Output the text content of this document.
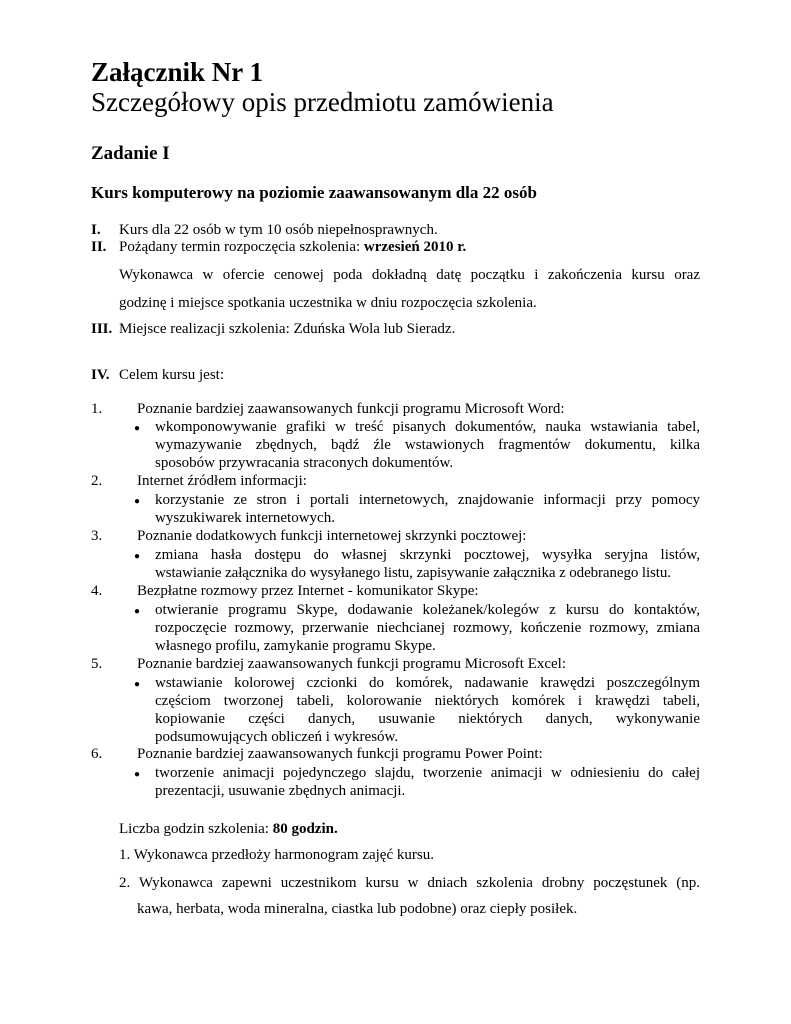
Załącznik Nr 1
Szczegółowy opis przedmiotu zamówienia
Zadanie I
Kurs komputerowy na poziomie zaawansowanym dla 22 osób
I. Kurs dla 22 osób w tym 10 osób niepełnosprawnych.
II. Pożądany termin rozpoczęcia szkolenia: wrzesień 2010 r.
Wykonawca w ofercie cenowej poda dokładną datę początku i zakończenia kursu oraz
godzinę i miejsce spotkania uczestnika w dniu rozpoczęcia szkolenia.
III. Miejsce realizacji szkolenia: Zduńska Wola lub Sieradz.
IV. Celem kursu jest:
1. Poznanie bardziej zaawansowanych funkcji programu Microsoft Word:
● wkomponowywanie grafiki w treść pisanych dokumentów, nauka wstawiania tabel,
wymazywanie zbędnych, bądź źle wstawionych fragmentów dokumentu, kilka
sposobów przywracania straconych dokumentów.
2. Internet źródłem informacji:
● korzystanie ze stron i portali internetowych, znajdowanie informacji przy pomocy
wyszukiwarek internetowych.
3. Poznanie dodatkowych funkcji internetowej skrzynki pocztowej:
● zmiana hasła dostępu do własnej skrzynki pocztowej, wysyłka seryjna listów,
wstawianie załącznika do wysyłanego listu, zapisywanie załącznika z odebranego listu.
4. Bezpłatne rozmowy przez Internet - komunikator Skype:
● otwieranie programu Skype, dodawanie koleżanek/kolegów z kursu do kontaktów,
rozpoczęcie rozmowy, przerwanie niechcianej rozmowy, kończenie rozmowy, zmiana
własnego profilu, zamykanie programu Skype.
5. Poznanie bardziej zaawansowanych funkcji programu Microsoft Excel:
● wstawianie kolorowej czcionki do komórek, nadawanie krawędzi poszczególnym
częściom tworzonej tabeli, kolorowanie niektórych komórek i krawędzi tabeli,
kopiowanie części danych, usuwanie niektórych danych, wykonywanie
podsumowujących obliczeń i wykresów.
6. Poznanie bardziej zaawansowanych funkcji programu Power Point:
● tworzenie animacji pojedynczego slajdu, tworzenie animacji w odniesieniu do całej
prezentacji, usuwanie zbędnych animacji.
Liczba godzin szkolenia: 80 godzin.
1. Wykonawca przedłoży harmonogram zajęć kursu.
2. Wykonawca zapewni uczestnikom kursu w dniach szkolenia drobny poczęstunek (np.
kawa, herbata, woda mineralna, ciastka lub podobne) oraz ciepły posiłek.
